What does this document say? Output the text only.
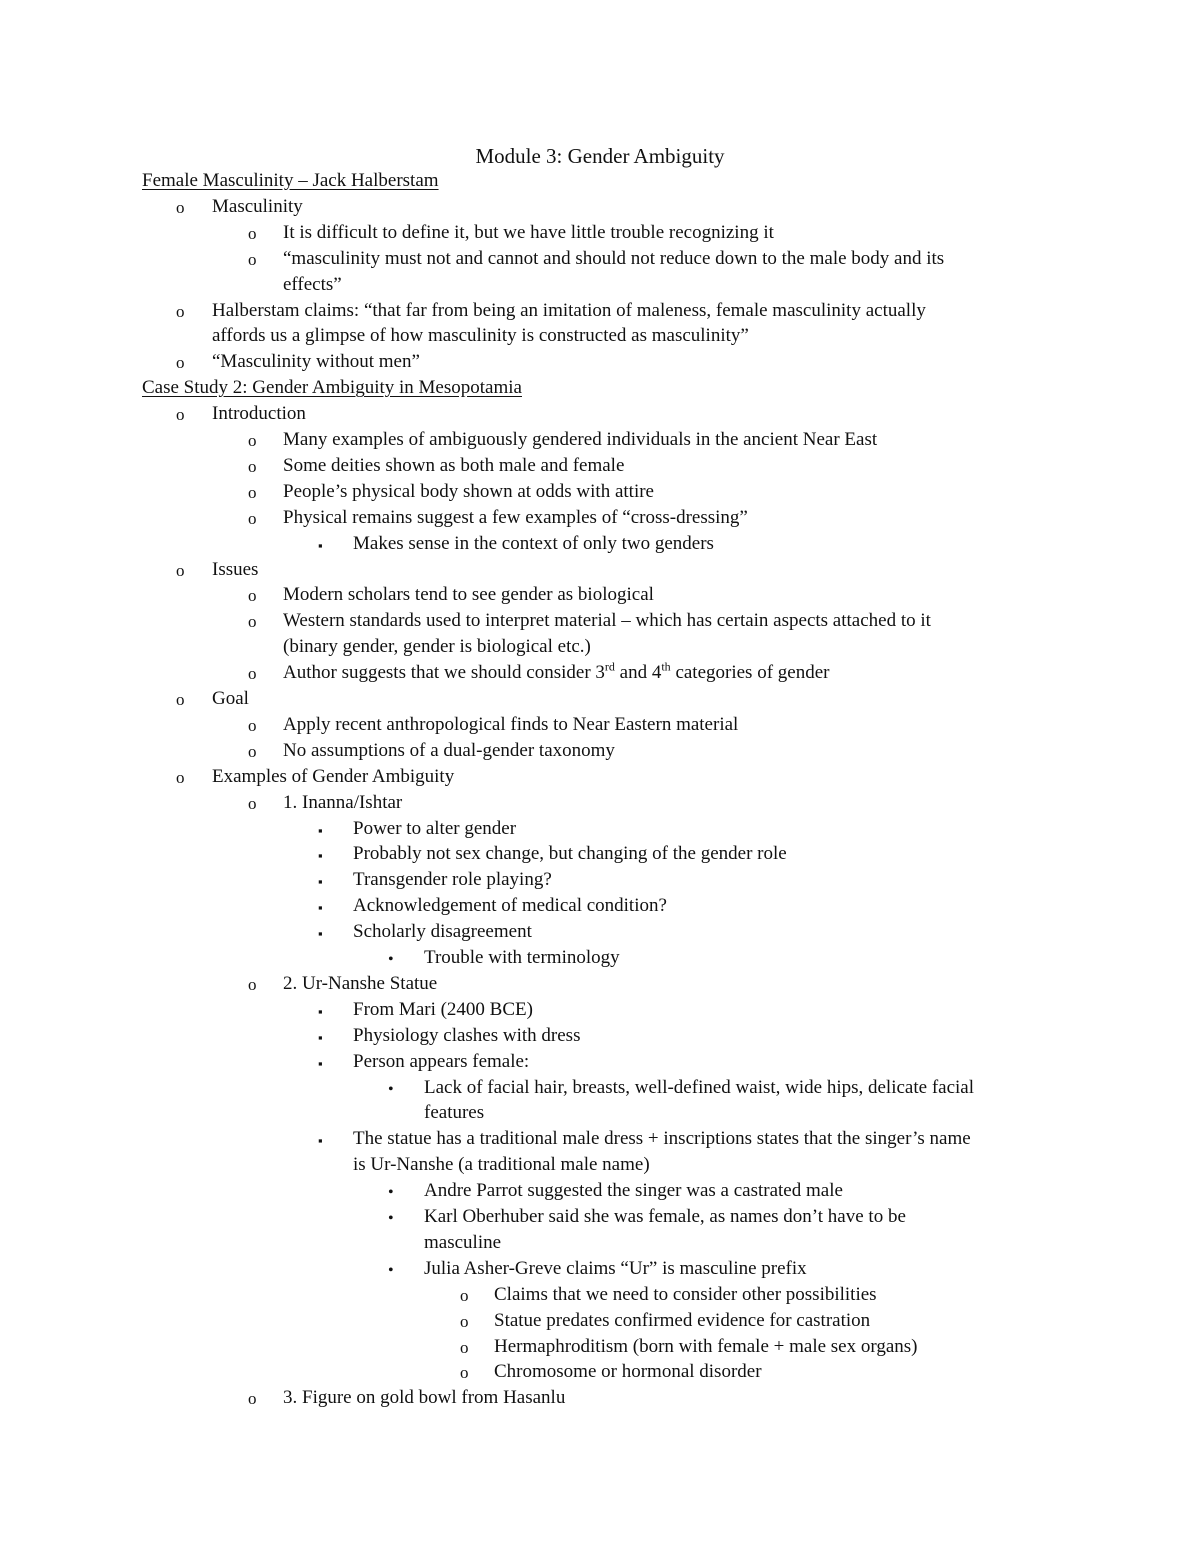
Module 3: Gender Ambiguity
Female Masculinity – Jack Halberstam
o	Masculinity
o	It is difficult to define it, but we have little trouble recognizing it
o	“masculinity must not and cannot and should not reduce down to the male body and its
effects”
o	Halberstam claims: “that far from being an imitation of maleness, female masculinity actually
affords us a glimpse of how masculinity is constructed as masculinity”
o	“Masculinity without men”
Case Study 2: Gender Ambiguity in Mesopotamia
o	Introduction
o	Many examples of ambiguously gendered individuals in the ancient Near East
o	Some deities shown as both male and female
o	People’s physical body shown at odds with attire
o	Physical remains suggest a few examples of “cross-dressing”
▪	Makes sense in the context of only two genders
o	Issues
o	Modern scholars tend to see gender as biological
o	Western standards used to interpret material – which has certain aspects attached to it
(binary gender, gender is biological etc.)
o	Author suggests that we should consider 3rd and 4th categories of gender
o	Goal
o	Apply recent anthropological finds to Near Eastern material
o	No assumptions of a dual-gender taxonomy
o	Examples of Gender Ambiguity
o	1. Inanna/Ishtar
▪	Power to alter gender
▪	Probably not sex change, but changing of the gender role
▪	Transgender role playing?
▪	Acknowledgement of medical condition?
▪	Scholarly disagreement
•	Trouble with terminology
o	2. Ur-Nanshe Statue
▪	From Mari (2400 BCE)
▪	Physiology clashes with dress
▪	Person appears female:
•	Lack of facial hair, breasts, well-defined waist, wide hips, delicate facial
features
▪	The statue has a traditional male dress + inscriptions states that the singer’s name
is Ur-Nanshe (a traditional male name)
•	Andre Parrot suggested the singer was a castrated male
•	Karl Oberhuber said she was female, as names don’t have to be
masculine
•	Julia Asher-Greve claims “Ur” is masculine prefix
o	Claims that we need to consider other possibilities
o	Statue predates confirmed evidence for castration
o	Hermaphroditism (born with female + male sex organs)
o	Chromosome or hormonal disorder
o	3. Figure on gold bowl from Hasanlu
